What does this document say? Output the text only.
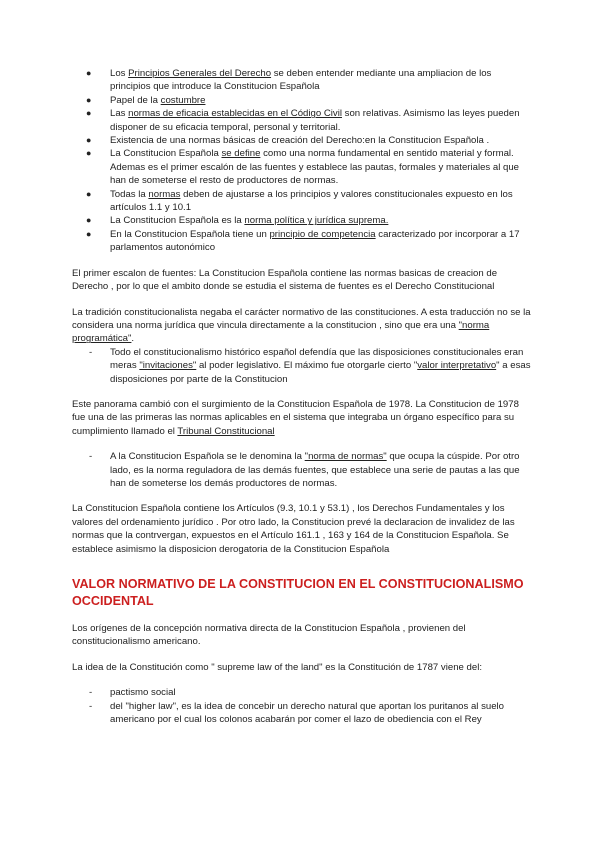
● Los Principios Generales del Derecho se deben entender mediante una ampliacion de los principios que introduce la Constitucion Española
● Papel de la costumbre
● Las normas de eficacia establecidas en el Código Civil son relativas. Asimismo las leyes pueden disponer de su eficacia temporal, personal y territorial.
● Existencia de una normas básicas de creación del Derecho:en la Constitucion Española .
● La Constitucion Española se define como una norma fundamental en sentido material y formal. Ademas es el primer escalón de las fuentes y establece las pautas, formales y materiales al que han de someterse el resto de productores de normas.
● Todas la normas deben de ajustarse a los principios y valores constitucionales expuesto en los artículos 1.1 y 10.1
● La Constitucion Española es la norma política y jurídica suprema.
● En la Constitucion Española tiene un principio de competencia caracterizado por incorporar a 17 parlamentos autonómico

El primer escalon de fuentes: La Constitucion Española contiene las normas basicas de creacion de Derecho , por lo que el ambito donde se estudia el sistema de fuentes es el Derecho Constitucional

La tradición constitucionalista negaba el carácter normativo de las constituciones. A esta traducción no se la considera una norma jurídica que vincula directamente a la constitucion , sino que era una "norma programática".

- Todo el constitucionalismo histórico español defendía que las disposiciones constitucionales eran meras "invitaciones" al poder legislativo. El máximo fue otorgarle cierto "valor interpretativo" a esas disposiciones por parte de la Constitucion

Este panorama cambió con el surgimiento de la Constitucion Española de 1978. La Constitucion de 1978 fue una de las primeras las normas aplicables en el sistema que integraba un órgano específico para su cumplimiento llamado el Tribunal Constitucional

- A la Constitucion Española se le denomina la "norma de normas" que ocupa la cúspide. Por otro lado, es la norma reguladora de las demás fuentes, que establece una serie de pautas a las que han de someterse los demás productores de normas.

La Constitucion Española contiene los Artículos (9.3, 10.1 y 53.1) , los Derechos Fundamentales y los valores del ordenamiento jurídico . Por otro lado, la Constitucion prevé la declaracion de invalidez de las normas que la contrvergan, expuestos en el Artículo 161.1 , 163 y 164 de la Constitucion Española. Se establece asimismo la disposicion derogatoria de la Constitucion Española

VALOR NORMATIVO DE LA CONSTITUCION EN EL CONSTITUCIONALISMO OCCIDENTAL

Los orígenes de la concepción normativa directa de la Constitucion Española , provienen del constitucionalismo americano.

La idea de la Constitución como " supreme law of the land" es la Constitución de 1787 viene del:

- pactismo social
- del "higher law", es la idea de concebir un derecho natural que aportan los puritanos al suelo americano por el cual los colonos acabarán por comer el lazo de obediencia con el Rey
